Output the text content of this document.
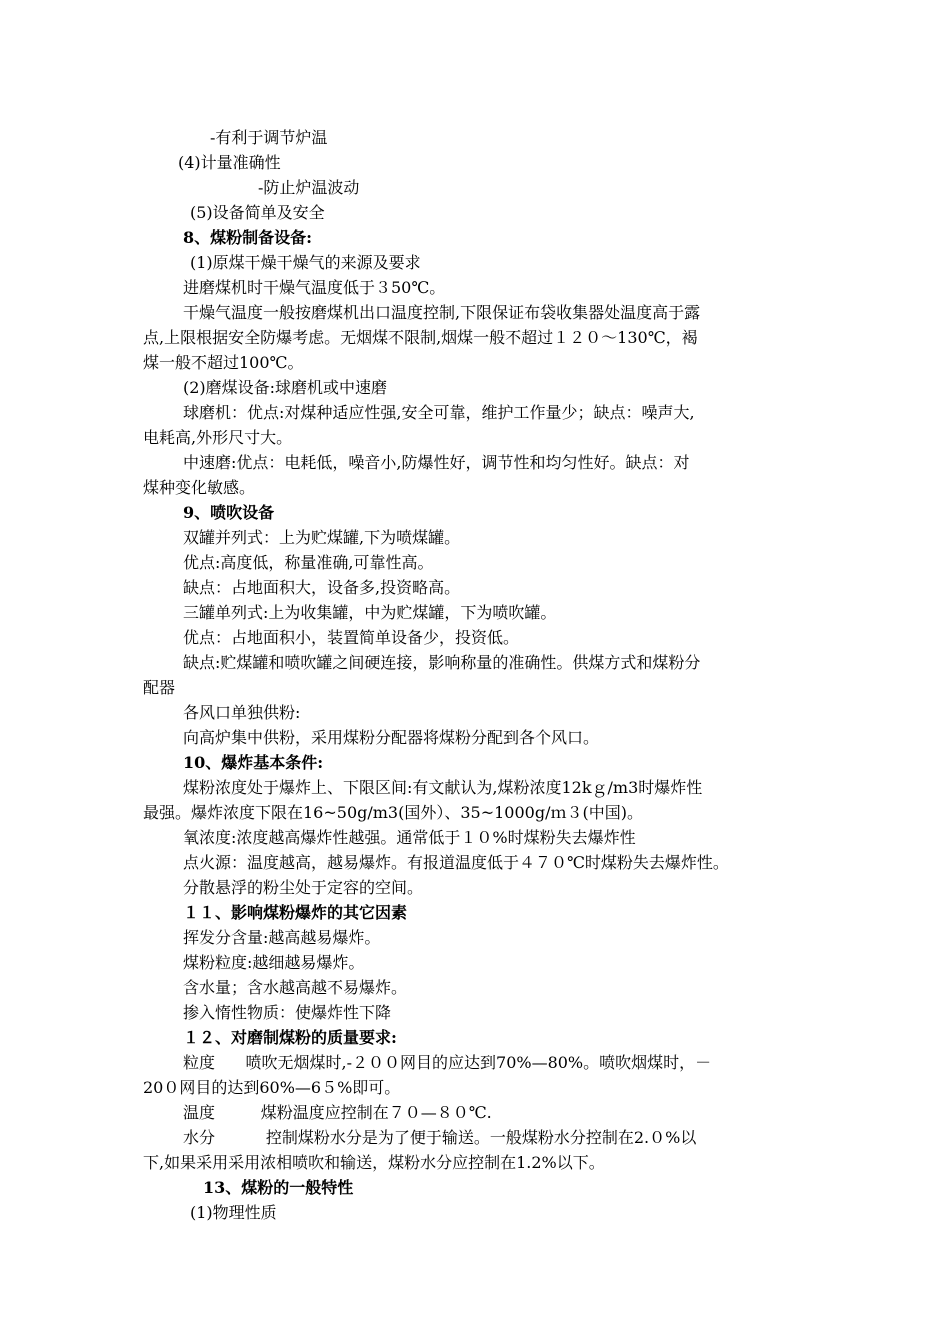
-有利于调节炉温
(4)计量准确性
-防止炉温波动
(5)设备简单及安全
8、煤粉制备设备:
(1)原煤干燥干燥气的来源及要求
进磨煤机时干燥气温度低于３50℃。
干燥气温度一般按磨煤机出口温度控制,下限保证布袋收集器处温度高于露
点,上限根据安全防爆考虑。无烟煤不限制,烟煤一般不超过１２０～130℃，褐
煤一般不超过100℃。
(2)磨煤设备:球磨机或中速磨
球磨机：优点:对煤种适应性强,安全可靠，维护工作量少；缺点：噪声大,
电耗高,外形尺寸大。
中速磨:优点：电耗低，噪音小,防爆性好，调节性和均匀性好。缺点：对
煤种变化敏感。
9、喷吹设备
双罐并列式：上为贮煤罐,下为喷煤罐。
优点:高度低，称量准确,可靠性高。
缺点：占地面积大，设备多,投资略高。
三罐单列式:上为收集罐，中为贮煤罐，下为喷吹罐。
优点：占地面积小，装置简单设备少，投资低。
缺点:贮煤罐和喷吹罐之间硬连接，影响称量的准确性。供煤方式和煤粉分
配器
各风口单独供粉:
向高炉集中供粉，采用煤粉分配器将煤粉分配到各个风口。
10、爆炸基本条件:
煤粉浓度处于爆炸上、下限区间:有文献认为,煤粉浓度12kｇ/m3时爆炸性
最强。爆炸浓度下限在16~50g/m3(国外）、35~1000g/ｍ３(中国)。
氧浓度:浓度越高爆炸性越强。通常低于１０%时煤粉失去爆炸性
点火源：温度越高，越易爆炸。有报道温度低于４７０℃时煤粉失去爆炸性。
分散悬浮的粉尘处于定容的空间。
１１、影响煤粉爆炸的其它因素
挥发分含量:越高越易爆炸。
煤粉粒度:越细越易爆炸。
含水量；含水越高越不易爆炸。
掺入惰性物质：使爆炸性下降
１２、对磨制煤粉的质量要求:
粒度      喷吹无烟煤时,-２００网目的应达到70%—80%。喷吹烟煤时，－
20０网目的达到60%—6５%即可。
温度         煤粉温度应控制在７０—８０℃.
水分          控制煤粉水分是为了便于输送。一般煤粉水分控制在2.０%以
下,如果采用采用浓相喷吹和输送，煤粉水分应控制在1.2%以下。
13、煤粉的一般特性
(1)物理性质
